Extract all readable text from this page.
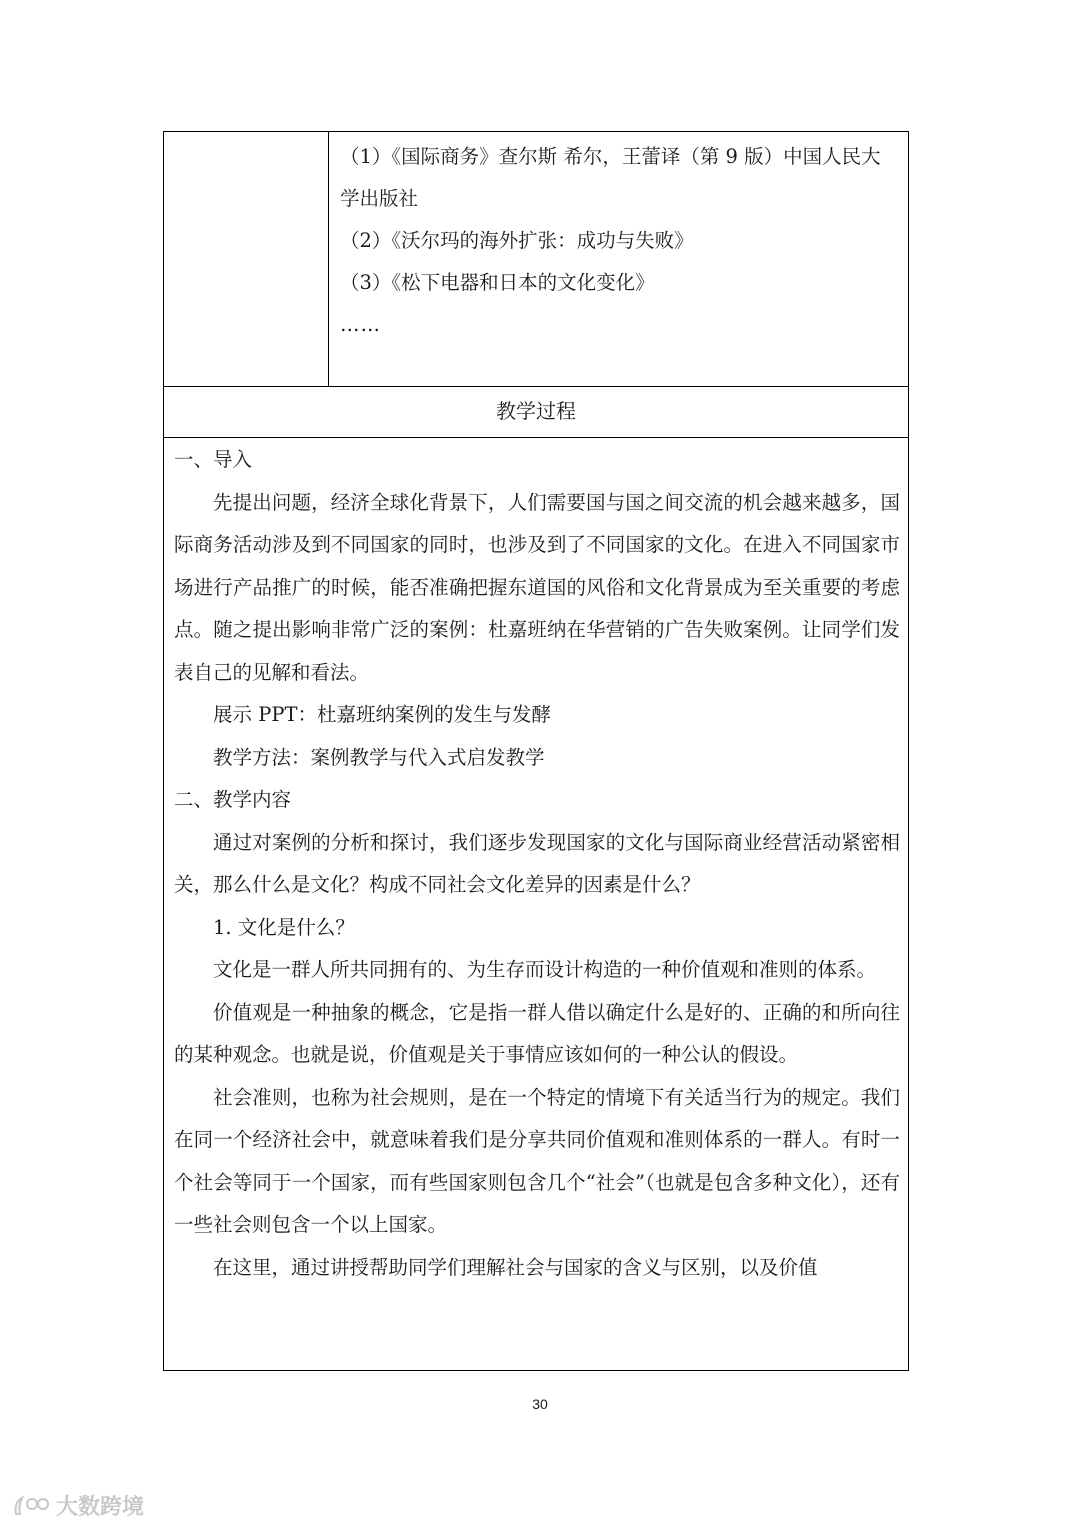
（1）《国际商务》查尔斯 希尔，王蕾译（第 9 版）中国人民大学出版社

（2）《沃尔玛的海外扩张：成功与失败》

（3）《松下电器和日本的文化变化》

……

教学过程

一、导入

先提出问题，经济全球化背景下，人们需要国与国之间交流的机会越来越多，国际商务活动涉及到不同国家的同时，也涉及到了不同国家的文化。在进入不同国家市场进行产品推广的时候，能否准确把握东道国的风俗和文化背景成为至关重要的考虑点。随之提出影响非常广泛的案例：杜嘉班纳在华营销的广告失败案例。让同学们发表自己的见解和看法。

展示 PPT：杜嘉班纳案例的发生与发酵

教学方法：案例教学与代入式启发教学

二、教学内容

通过对案例的分析和探讨，我们逐步发现国家的文化与国际商业经营活动紧密相关，那么什么是文化？构成不同社会文化差异的因素是什么？

1. 文化是什么？

文化是一群人所共同拥有的、为生存而设计构造的一种价值观和准则的体系。

价值观是一种抽象的概念，它是指一群人借以确定什么是好的、正确的和所向往的某种观念。也就是说，价值观是关于事情应该如何的一种公认的假设。

社会准则，也称为社会规则，是在一个特定的情境下有关适当行为的规定。我们在同一个经济社会中，就意味着我们是分享共同价值观和准则体系的一群人。有时一个社会等同于一个国家，而有些国家则包含几个“社会”（也就是包含多种文化），还有一些社会则包含一个以上国家。

在这里，通过讲授帮助同学们理解社会与国家的含义与区别，以及价值

30
大数跨境
